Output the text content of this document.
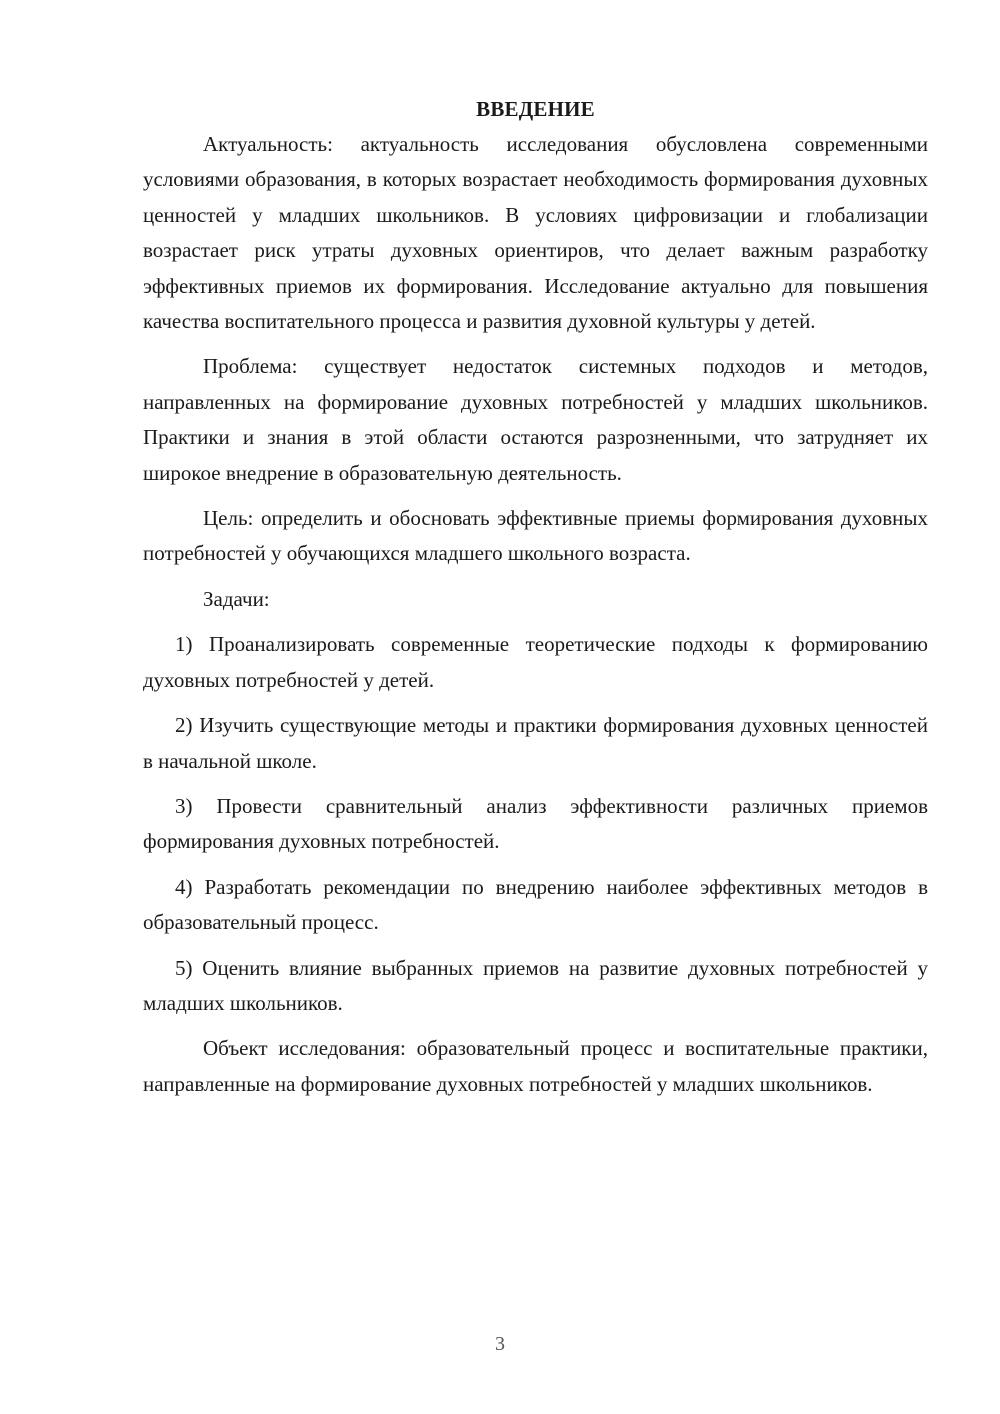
ВВЕДЕНИЕ

Актуальность: актуальность исследования обусловлена современными условиями образования, в которых возрастает необходимость формирования духовных ценностей у младших школьников. В условиях цифровизации и глобализации возрастает риск утраты духовных ориентиров, что делает важным разработку эффективных приемов их формирования. Исследование актуально для повышения качества воспитательного процесса и развития духовной культуры у детей.

Проблема: существует недостаток системных подходов и методов, направленных на формирование духовных потребностей у младших школьников. Практики и знания в этой области остаются разрозненными, что затрудняет их широкое внедрение в образовательную деятельность.

Цель: определить и обосновать эффективные приемы формирования духовных потребностей у обучающихся младшего школьного возраста.

Задачи:

1) Проанализировать современные теоретические подходы к формированию духовных потребностей у детей.

2) Изучить существующие методы и практики формирования духовных ценностей в начальной школе.

3) Провести сравнительный анализ эффективности различных приемов формирования духовных потребностей.

4) Разработать рекомендации по внедрению наиболее эффективных методов в образовательный процесс.

5) Оценить влияние выбранных приемов на развитие духовных потребностей у младших школьников.

Объект исследования: образовательный процесс и воспитательные практики, направленные на формирование духовных потребностей у младших школьников.

3
